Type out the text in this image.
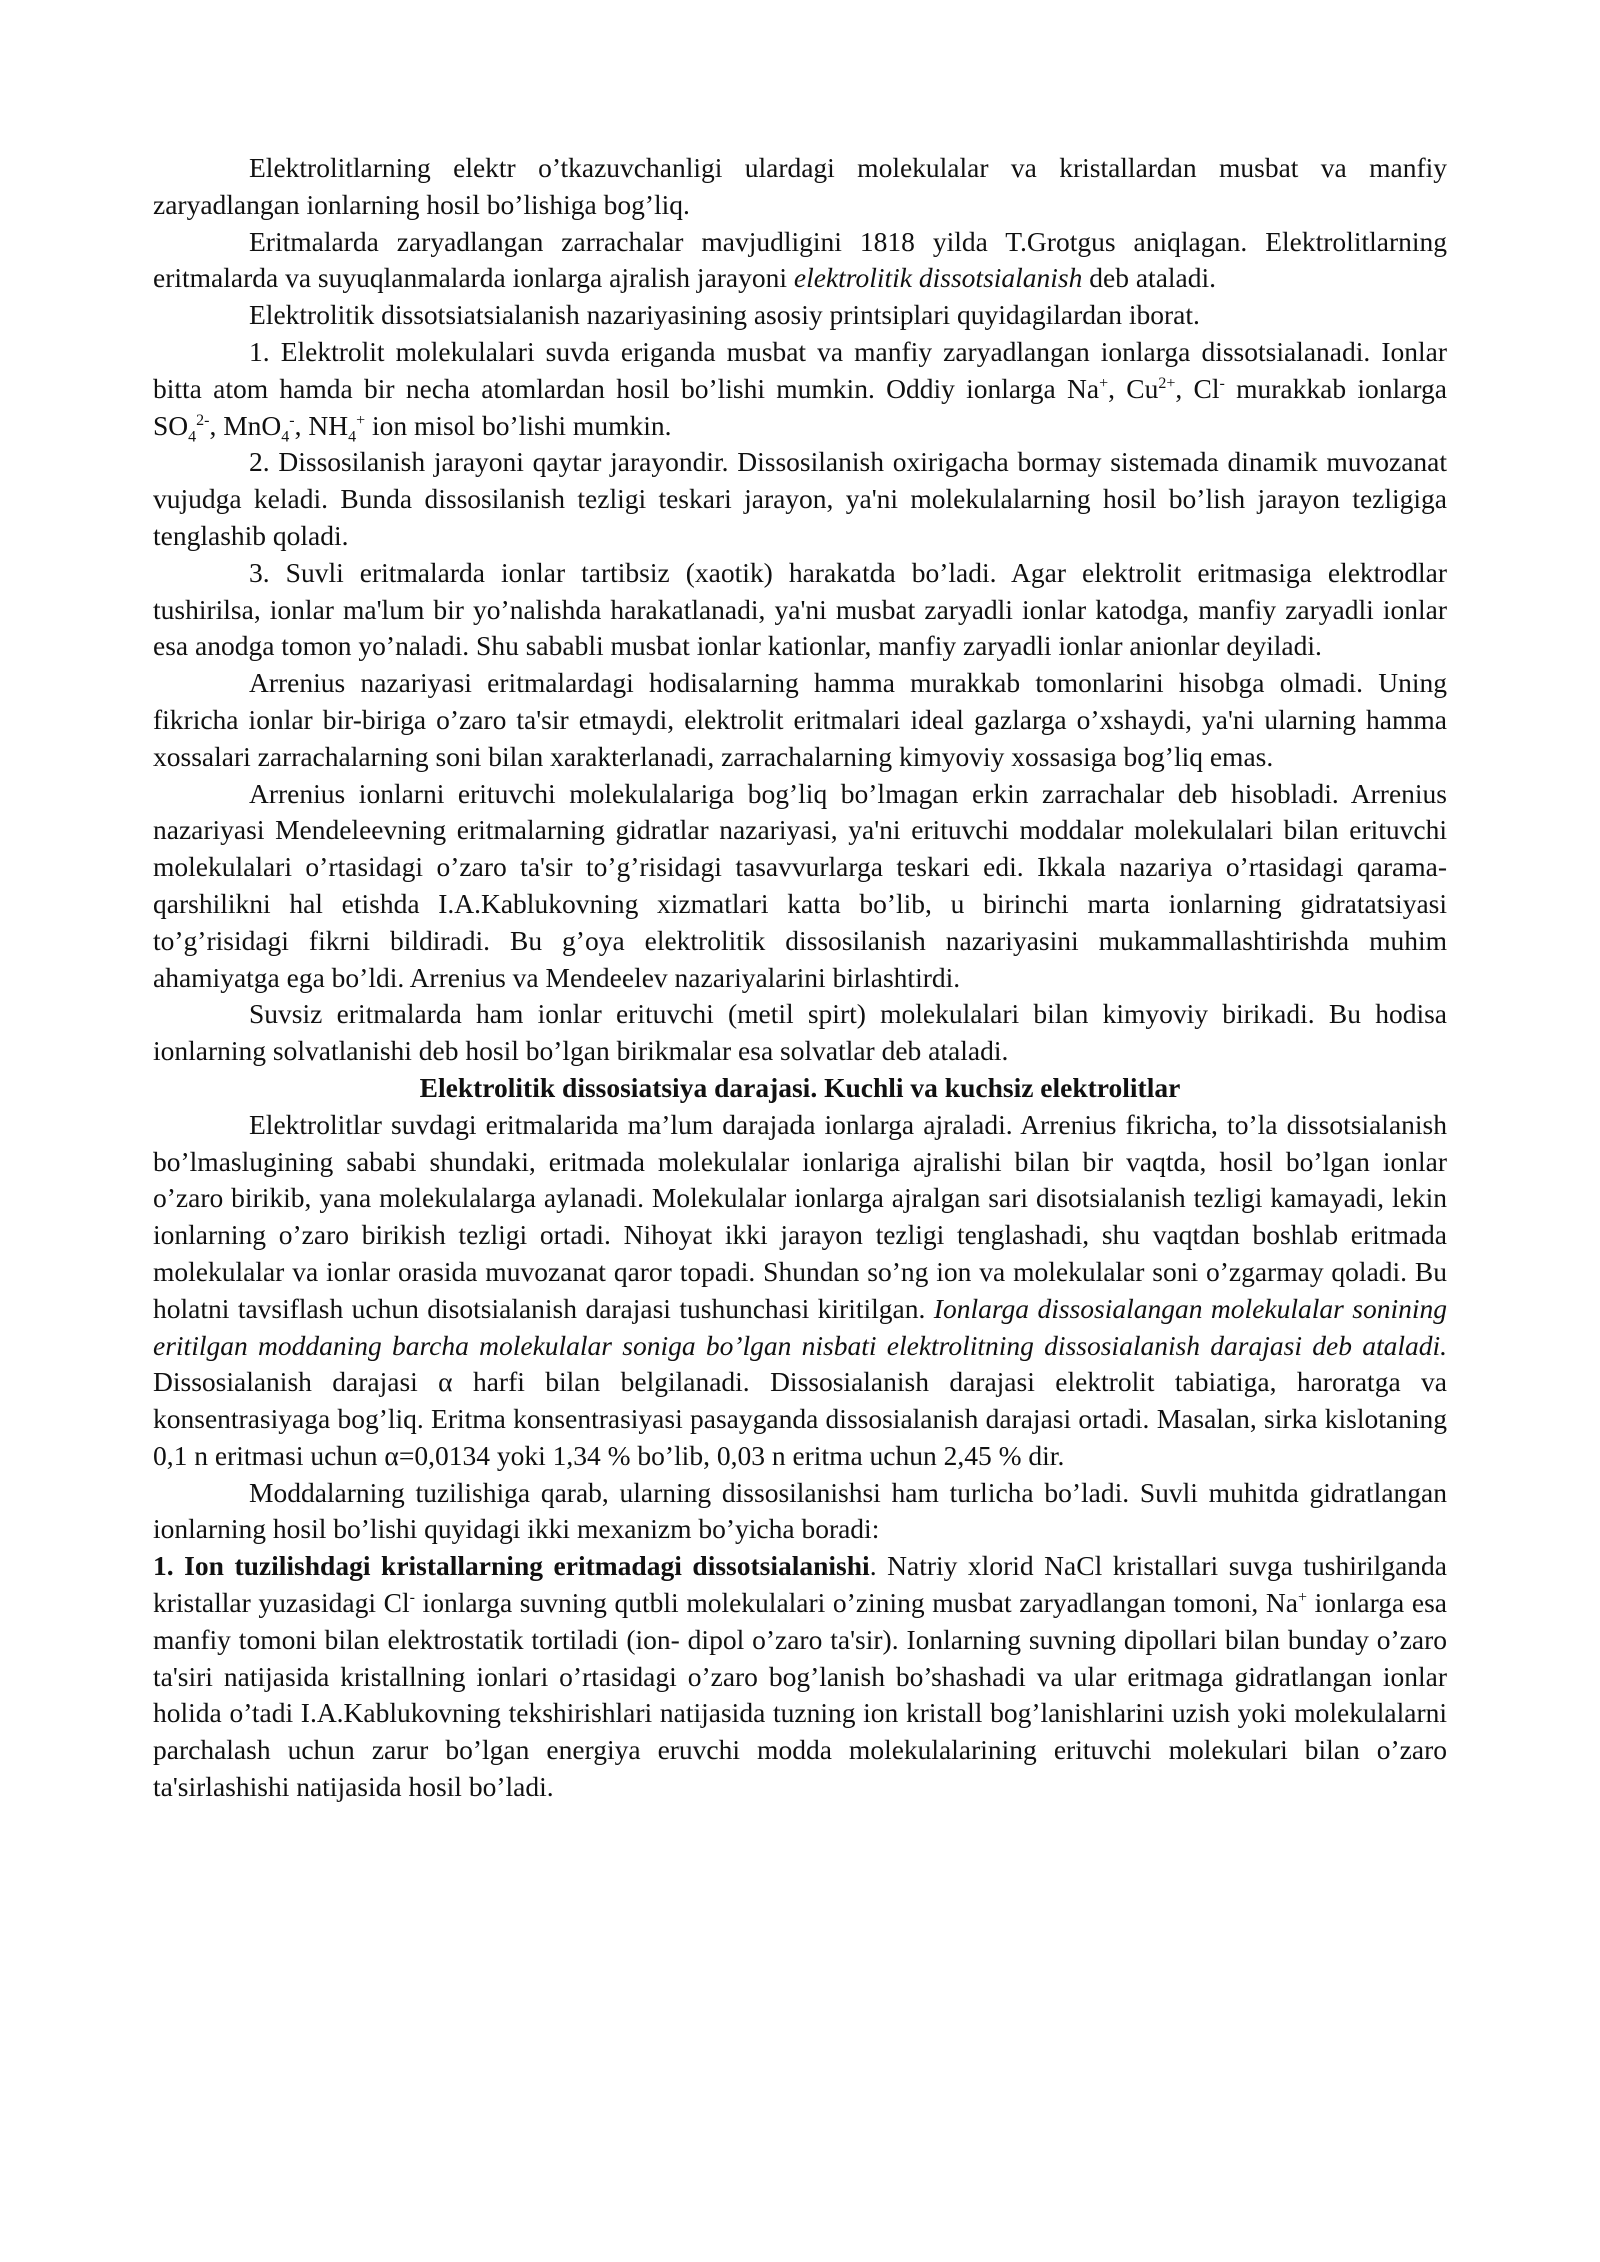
Elektrolitlarning elektr o’tkazuvchanligi ulardagi molekulalar va kristallardan musbat va manfiy zaryadlangan ionlarning hosil bo’lishiga bog’liq.

Eritmalarda zaryadlangan zarrachalar mavjudligini 1818 yilda T.Grotgus aniqlagan. Elektrolitlarning eritmalarda va suyuqlanmalarda ionlarga ajralish jarayoni elektrolitik dissotsialanish deb ataladi.

Elektrolitik dissotsiatsialanish nazariyasining asosiy printsiplari quyidagilardan iborat.

1. Elektrolit molekulalari suvda eriganda musbat va manfiy zaryadlangan ionlarga dissotsialanadi. Ionlar bitta atom hamda bir necha atomlardan hosil bo’lishi mumkin. Oddiy ionlarga Na+, $Cu^{2+}$, Cl- murakkab ionlarga $SO_4^{2-}$, MnO$_4$-, $NH_4^+$ ion misol bo’lishi mumkin.

2. Dissosilanish jarayoni qaytar jarayondir. Dissosilanish oxirigacha bormay sistemada dinamik muvozanat vujudga keladi. Bunda dissosilanish tezligi teskari jarayon, ya'ni molekulalarning hosil bo’lish jarayon tezligiga tenglashib qoladi.

3. Suvli eritmalarda ionlar tartibsiz (xaotik) harakatda bo’ladi. Agar elektrolit eritmasiga elektrodlar tushirilsa, ionlar ma'lum bir yo’nalishda harakatlanadi, ya'ni musbat zaryadli ionlar katodga, manfiy zaryadli ionlar esa anodga tomon yo’naladi. Shu sababli musbat ionlar kationlar, manfiy zaryadli ionlar anionlar deyiladi.

Arrenius nazariyasi eritmalardagi hodisalarning hamma murakkab tomonlarini hisobga olmadi. Uning fikricha ionlar bir-biriga o’zaro ta'sir etmaydi, elektrolit eritmalari ideal gazlarga o’xshaydi, ya'ni ularning hamma xossalari zarrachalarning soni bilan xarakterlanadi, zarrachalarning kimyoviy xossasiga bog’liq emas.

Arrenius ionlarni erituvchi molekulalariga bog’liq bo’lmagan erkin zarrachalar deb hisobladi. Arrenius nazariyasi Mendeleevning eritmalarning gidratlar nazariyasi, ya'ni erituvchi moddalar molekulalari bilan erituvchi molekulalari o’rtasidagi o’zaro ta'sir to’g’risidagi tasavvurlarga teskari edi. Ikkala nazariya o’rtasidagi qarama-qarshilikni hal etishda I.A.Kablukovning xizmatlari katta bo’lib, u birinchi marta ionlarning gidratatsiyasi to’g’risidagi fikrni bildiradi. Bu g’oya elektrolitik dissosilanish nazariyasini mukammallashtirishda muhim ahamiyatga ega bo’ldi. Arrenius va Mendeelev nazariyalarini birlashtirdi.

Suvsiz eritmalarda ham ionlar erituvchi (metil spirt) molekulalari bilan kimyoviy birikadi. Bu hodisa ionlarning solvatlanishi deb hosil bo’lgan birikmalar esa solvatlar deb ataladi.

Elektrolitik dissosiatsiya darajasi. Kuchli va kuchsiz elektrolitlar

Elektrolitlar suvdagi eritmalarida ma’lum darajada ionlarga ajraladi. Arrenius fikricha, to’la dissotsialanish bo’lmaslugining sababi shundaki, eritmada molekulalar ionlariga ajralishi bilan bir vaqtda, hosil bo’lgan ionlar o’zaro birikib, yana molekulalarga aylanadi. Molekulalar ionlarga ajralgan sari disotsialanish tezligi kamayadi, lekin ionlarning o’zaro birikish tezligi ortadi. Nihoyat ikki jarayon tezligi tenglashadi, shu vaqtdan boshlab eritmada molekulalar va ionlar orasida muvozanat qaror topadi. Shundan so’ng ion va molekulalar soni o’zgarmay qoladi. Bu holatni tavsiflash uchun disotsialanish darajasi tushunchasi kiritilgan. Ionlarga dissosialangan molekulalar sonining eritilgan moddaning barcha molekulalar soniga bo’lgan nisbati elektrolitning dissosialanish darajasi deb ataladi. Dissosialanish darajasi α harfi bilan belgilanadi. Dissosialanish darajasi elektrolit tabiatiga, haroratga va konsentrasiyaga bog’liq. Eritma konsentrasiyasi pasayganda dissosialanish darajasi ortadi. Masalan, sirka kislotaning 0,1 n eritmasi uchun α=0,0134 yoki 1,34 % bo’lib, 0,03 n eritma uchun 2,45 % dir.

Moddalarning tuzilishiga qarab, ularning dissosilanishsi ham turlicha bo’ladi. Suvli muhitda gidratlangan ionlarning hosil bo’lishi quyidagi ikki mexanizm bo’yicha boradi:

1. Ion tuzilishdagi kristallarning eritmadagi dissotsialanishi. Natriy xlorid NaCl kristallari suvga tushirilganda kristallar yuzasidagi Cl- ionlarga suvning qutbli molekulalari o’zining musbat zaryadlangan tomoni, Na+ ionlarga esa manfiy tomoni bilan elektrostatik tortiladi (ion- dipol o’zaro ta'sir). Ionlarning suvning dipollari bilan bunday o’zaro ta'siri natijasida kristallning ionlari o’rtasidagi o’zaro bog’lanish bo’shashadi va ular eritmaga gidratlangan ionlar holida o’tadi I.A.Kablukovning tekshirishlari natijasida tuzning ion kristall bog’lanishlarini uzish yoki molekulalarni parchalash uchun zarur bo’lgan energiya eruvchi modda molekulalarining erituvchi molekulari bilan o’zaro ta'sirlashishi natijasida hosil bo’ladi.
